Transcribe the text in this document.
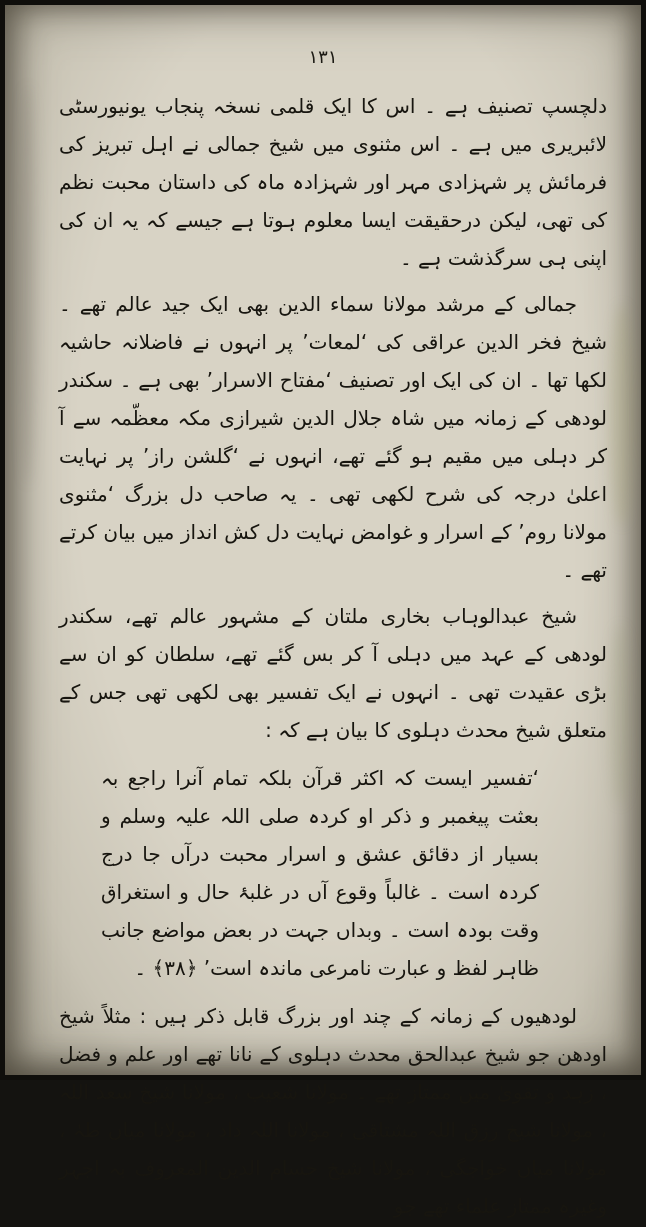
۱۳۱

دلچسپ تصنیف ہے ۔ اس کا ایک قلمی نسخہ پنجاب یونیورسٹی لائبریری میں ہے ۔ اس مثنوی میں شیخ جمالی نے اہل تبریز کی فرمائش پر شہزادی مہر اور شہزادہ ماہ کی داستان محبت نظم کی تھی، لیکن درحقیقت ایسا معلوم ہوتا ہے جیسے کہ یہ ان کی اپنی ہی سرگذشت ہے ۔

جمالی کے مرشد مولانا سماء الدین بھی ایک جید عالم تھے ۔ شیخ فخر الدین عراقی کی ‘لمعات’ پر انہوں نے فاضلانہ حاشیہ لکھا تھا ۔ ان کی ایک اور تصنیف ‘مفتاح الاسرار’ بھی ہے ۔ سکندر لودھی کے زمانہ میں شاہ جلال الدین شیرازی مکہ معظّمہ سے آ کر دہلی میں مقیم ہو گئے تھے، انہوں نے ‘گلشن راز’ پر نہایت اعلیٰ درجہ کی شرح لکھی تھی ۔ یہ صاحب دل بزرگ ‘مثنوی مولانا روم’ کے اسرار و غوامض نہایت دل کش انداز میں بیان کرتے تھے ۔

شیخ عبدالوہاب بخاری ملتان کے مشہور عالم تھے، سکندر لودھی کے عہد میں دہلی آ کر بس گئے تھے، سلطان کو ان سے بڑی عقیدت تھی ۔ انہوں نے ایک تفسیر بھی لکھی تھی جس کے متعلق شیخ محدث دہلوی کا بیان ہے کہ :

‘تفسیر ایست کہ اکثر قرآن بلکہ تمام آنرا راجع بہ بعثت پیغمبر و ذکر او کردہ صلی اللہ علیہ وسلم و بسیار از دقائق عشق و اسرار محبت درآں جا درج کردہ است ۔ غالباً وقوع آں در غلبۂ حال و استغراق وقت بودہ است ۔ وبداں جہت در بعض مواضع جانب ظاہر لفظ و عبارت نامرعی ماندہ است’ ﴿۳۸﴾ ۔

لودھیوں کے زمانہ کے چند اور بزرگ قابل ذکر ہیں : مثلاً شیخ اودھن جو شیخ عبدالحق محدث دہلوی کے نانا تھے اور علم و فضل ، زہد و تقویٰ میں ممتاز تھے ۔ مولانا شعیب ، مولانا شیخ سعد اللہ ، مولانا شیخ رزق اللہ مشتاقی ، مولانا اللہ داد ، مولانا میاں طہٰ ، مولانا میاں خواجگی ، مولانا شیخ حسام الدین المعروف بہ اجہر وغیرہ ممتاز علماء تھے جو
